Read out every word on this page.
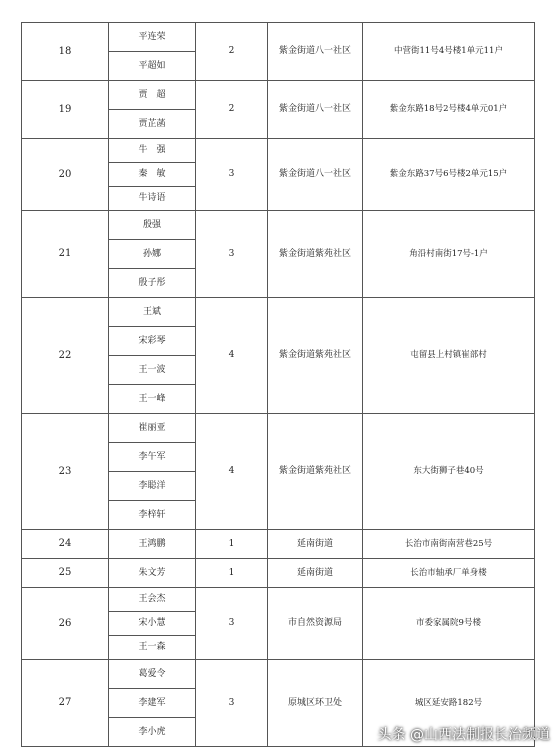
18	平连荣	2	紫金街道八一社区	中营街11号4号楼1单元11户
	平超如			
19	贾　超	2	紫金街道八一社区	紫金东路18号2号楼4单元01户
	贾芷菡			
20	牛　强	3	紫金街道八一社区	紫金东路37号6号楼2单元15户
	秦　敏			
	牛诗语			
21	殷强	3	紫金街道紫苑社区	角沿村南街17号-1户
	孙娜			
	殷子彤			
22	王斌	4	紫金街道紫苑社区	屯留县上村镇崔部村
	宋彩琴			
	王一波			
	王一峰			
23	崔丽亚	4	紫金街道紫苑社区	东大街狮子巷40号
	李午军			
	李聪洋			
	李梓轩			
24	王鸿鹏	1	延南街道	长治市南街南营巷25号
25	朱文芳	1	延南街道	长治市轴承厂单身楼
26	王会杰	3	市自然资源局	市委家属院9号楼
	宋小慧			
	王一森			
27	葛爱令	3	原城区环卫处	城区延安路182号
	李建军			
	李小虎				头条 @山西法制报长治频道
